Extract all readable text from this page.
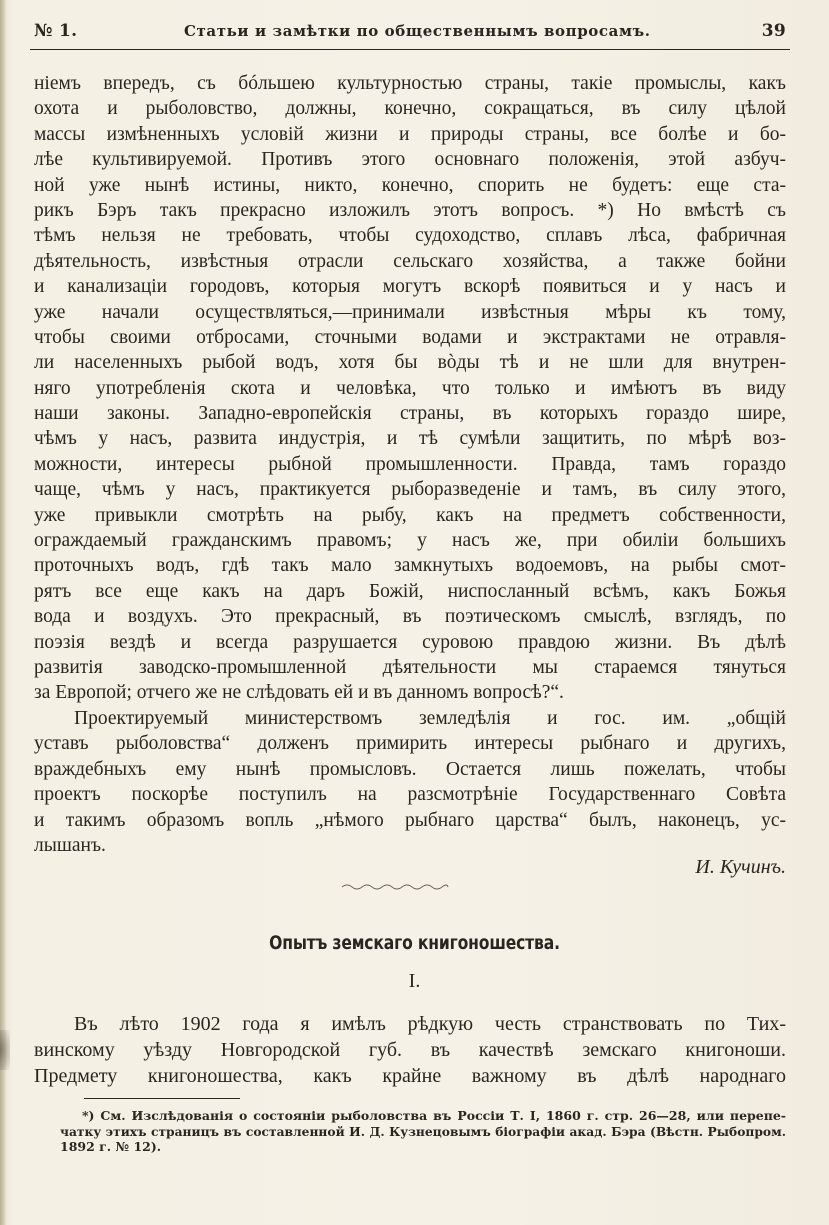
№ 1.	Статьи и замѣтки по общественнымъ вопросамъ.	39
ніемъ впередъ, съ бóльшею культурностью страны, такіе промыслы, какъ
охота и рыболовство, должны, конечно, сокращаться, въ силу цѣлой
массы измѣненныхъ условій жизни и природы страны, все болѣе и бо-
лѣе культивируемой. Противъ этого основнаго положенія, этой азбуч-
ной уже нынѣ истины, никто, конечно, спорить не будетъ: еще ста-
рикъ Бэръ такъ прекрасно изложилъ этотъ вопросъ. *) Но вмѣстѣ съ
тѣмъ нельзя не требовать, чтобы судоходство, сплавъ лѣса, фабричная
дѣятельность, извѣстныя отрасли сельскаго хозяйства, а также бойни
и канализаціи городовъ, которыя могутъ вскорѣ появиться и у насъ и
уже начали осуществляться,—принимали извѣстныя мѣры къ тому,
чтобы своими отбросами, сточными водами и экстрактами не отравля-
ли населенныхъ рыбой водъ, хотя бы вòды тѣ и не шли для внутрен-
няго употребленія скота и человѣка, что только и имѣютъ въ виду
наши законы. Западно-европейскія страны, въ которыхъ гораздо шире,
чѣмъ у насъ, развита индустрія, и тѣ сумѣли защитить, по мѣрѣ воз-
можности, интересы рыбной промышленности. Правда, тамъ гораздо
чаще, чѣмъ у насъ, практикуется рыборазведеніе и тамъ, въ силу этого,
уже привыкли смотрѣть на рыбу, какъ на предметъ собственности,
ограждаемый гражданскимъ правомъ; у насъ же, при обиліи большихъ
проточныхъ водъ, гдѣ такъ мало замкнутыхъ водоемовъ, на рыбы смот-
рятъ все еще какъ на даръ Божій, ниспосланный всѣмъ, какъ Божья
вода и воздухъ. Это прекрасный, въ поэтическомъ смыслѣ, взглядъ, по
поэзія вездѣ и всегда разрушается суровою правдою жизни. Въ дѣлѣ
развитія заводско-промышленной дѣятельности мы стараемся тянуться
за Европой; отчего же не слѣдовать ей и въ данномъ вопросѣ?“.
Проектируемый министерствомъ земледѣлія и гос. им. „общій
уставъ рыболовства“ долженъ примирить интересы рыбнаго и другихъ,
враждебныхъ ему нынѣ промысловъ. Остается лишь пожелать, чтобы
проектъ поскорѣе поступилъ на разсмотрѣніе Государственнаго Совѣта
и такимъ образомъ вопль „нѣмого рыбнаго царства“ былъ, наконецъ, ус-
лышанъ.
И. Кучинъ.
Опытъ земскаго книгоношества.
I.
Въ лѣто 1902 года я имѣлъ рѣдкую честь странствовать по Тих-
винскому уѣзду Новгородской губ. въ качествѣ земскаго книгоноши.
Предмету книгоношества, какъ крайне важному въ дѣлѣ народнаго
*) См. Изслѣдованія о состояніи рыболовства въ Россіи Т. I, 1860 г. стр. 26—28, или перепе-
чатку этихъ страницъ въ составленной И. Д. Кузнецовымъ біографіи акад. Бэра (Вѣстн. Рыбопром.
1892 г. № 12).
